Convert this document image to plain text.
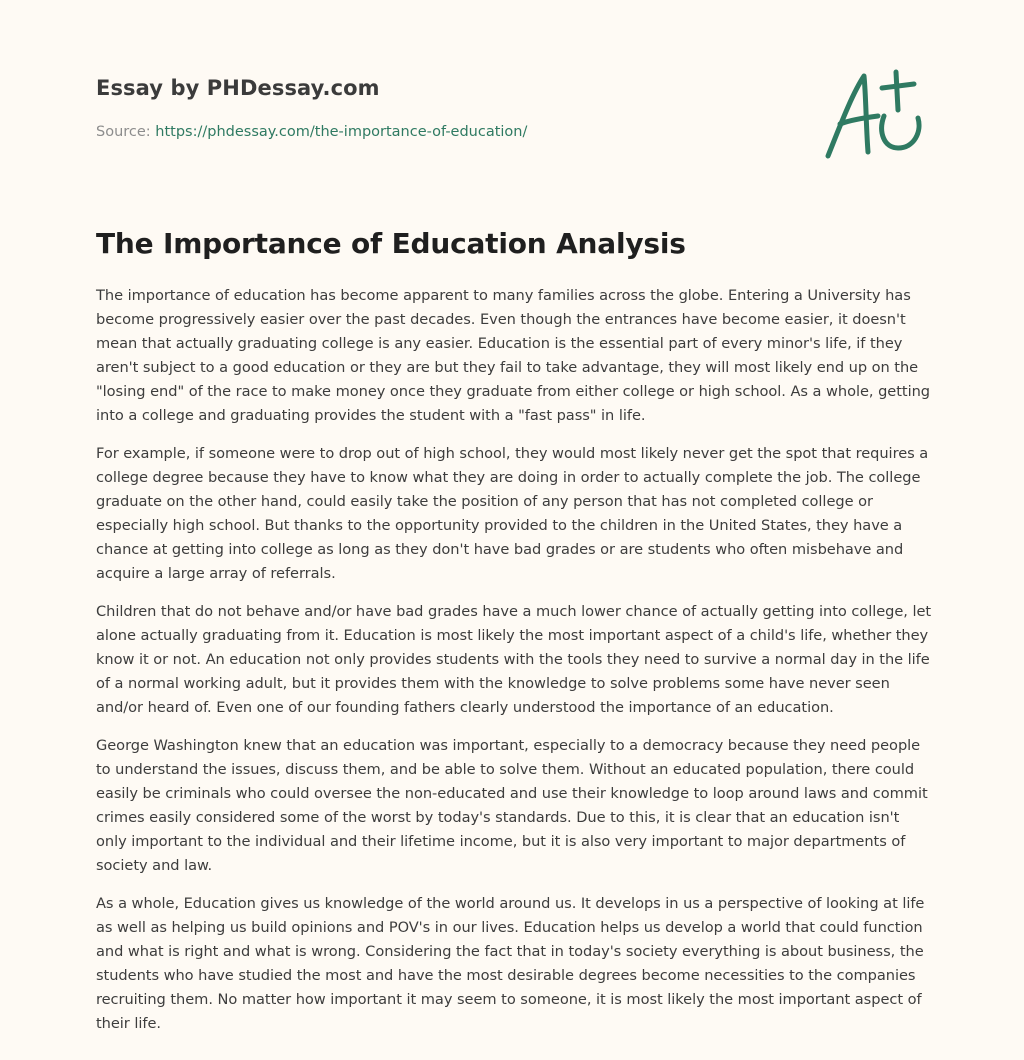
Essay by PHDessay.com
Source: https://phdessay.com/the-importance-of-education/
The Importance of Education Analysis

The importance of education has become apparent to many families across the globe. Entering a University has become progressively easier over the past decades. Even though the entrances have become easier, it doesn't mean that actually graduating college is any easier. Education is the essential part of every minor's life, if they aren't subject to a good education or they are but they fail to take advantage, they will most likely end up on the "losing end" of the race to make money once they graduate from either college or high school. As a whole, getting into a college and graduating provides the student with a "fast pass" in life.

For example, if someone were to drop out of high school, they would most likely never get the spot that requires a college degree because they have to know what they are doing in order to actually complete the job. The college graduate on the other hand, could easily take the position of any person that has not completed college or especially high school. But thanks to the opportunity provided to the children in the United States, they have a chance at getting into college as long as they don't have bad grades or are students who often misbehave and acquire a large array of referrals.

Children that do not behave and/or have bad grades have a much lower chance of actually getting into college, let alone actually graduating from it. Education is most likely the most important aspect of a child's life, whether they know it or not. An education not only provides students with the tools they need to survive a normal day in the life of a normal working adult, but it provides them with the knowledge to solve problems some have never seen and/or heard of. Even one of our founding fathers clearly understood the importance of an education.

George Washington knew that an education was important, especially to a democracy because they need people to understand the issues, discuss them, and be able to solve them. Without an educated population, there could easily be criminals who could oversee the non-educated and use their knowledge to loop around laws and commit crimes easily considered some of the worst by today's standards. Due to this, it is clear that an education isn't only important to the individual and their lifetime income, but it is also very important to major departments of society and law.

As a whole, Education gives us knowledge of the world around us. It develops in us a perspective of looking at life as well as helping us build opinions and POV's in our lives. Education helps us develop a world that could function and what is right and what is wrong. Considering the fact that in today's society everything is about business, the students who have studied the most and have the most desirable degrees become necessities to the companies recruiting them. No matter how important it may seem to someone, it is most likely the most important aspect of their life.
